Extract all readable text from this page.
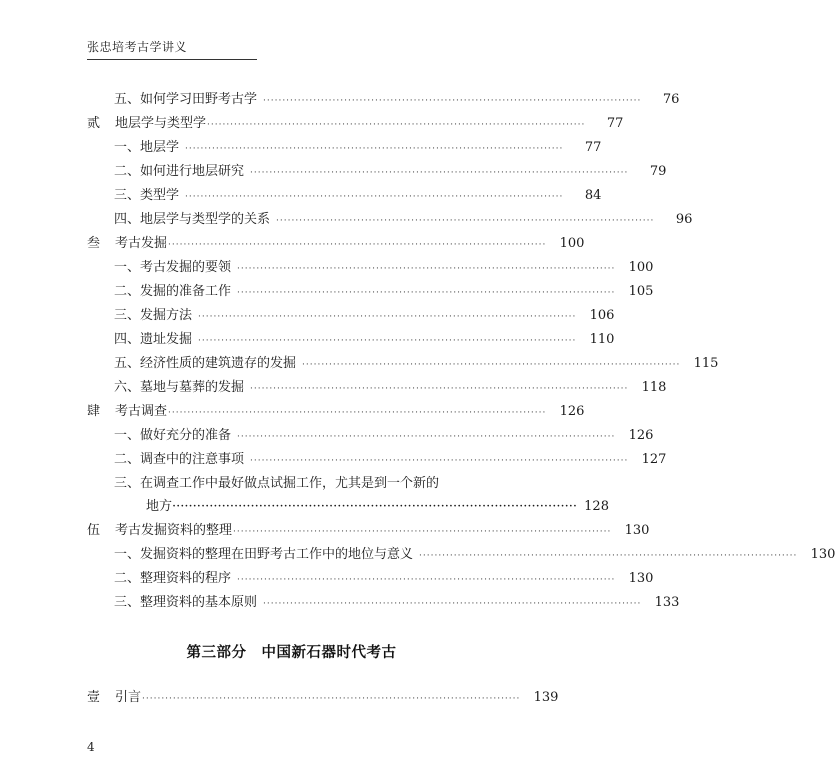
张忠培考古学讲义
五、如何学习田野考古学 ··································································································	76
贰	地层学与类型学 ··································································································	77
一、地层学 ··································································································	77
二、如何进行地层研究 ··································································································	79
三、类型学 ··································································································	84
四、地层学与类型学的关系 ··································································································	96
叁	考古发掘 ··································································································	100
一、考古发掘的要领 ··································································································	100
二、发掘的准备工作 ··································································································	105
三、发掘方法 ··································································································	106
四、遗址发掘 ··································································································	110
五、经济性质的建筑遗存的发掘 ··································································································	115
六、墓地与墓葬的发掘 ··································································································	118
肆	考古调查 ··································································································	126
一、做好充分的准备 ··································································································	126
二、调查中的注意事项 ··································································································	127
三、在调查工作中最好做点试掘工作，尤其是到一个新的
地方 ·································································································· 128
伍	考古发掘资料的整理 ··································································································	130
一、发掘资料的整理在田野考古工作中的地位与意义 ··································································································	130
二、整理资料的程序 ··································································································	130
三、整理资料的基本原则 ··································································································	133
壹	引言 ··································································································	139
第三部分　中国新石器时代考古
4
